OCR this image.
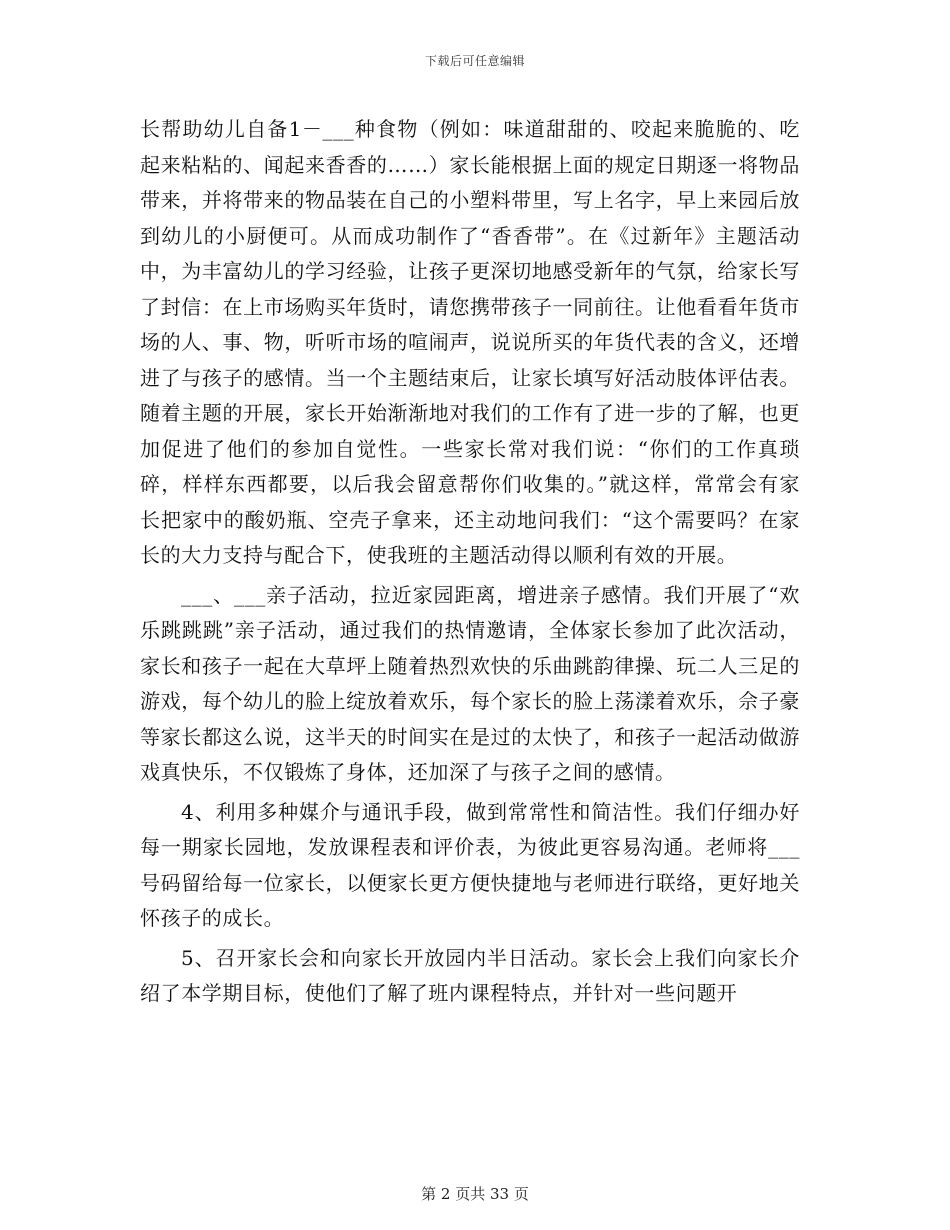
下载后可任意编辑

长帮助幼儿自备1－___种食物（例如：味道甜甜的、咬起来脆脆的、吃起来粘粘的、闻起来香香的……）家长能根据上面的规定日期逐一将物品带来，并将带来的物品装在自己的小塑料带里，写上名字，早上来园后放到幼儿的小厨便可。从而成功制作了“香香带”。在《过新年》主题活动中，为丰富幼儿的学习经验，让孩子更深切地感受新年的气氛，给家长写了封信：在上市场购买年货时，请您携带孩子一同前往。让他看看年货市场的人、事、物，听听市场的喧闹声，说说所买的年货代表的含义，还增进了与孩子的感情。当一个主题结束后，让家长填写好活动肢体评估表。随着主题的开展，家长开始渐渐地对我们的工作有了进一步的了解，也更加促进了他们的参加自觉性。一些家长常对我们说：“你们的工作真琐碎，样样东西都要，以后我会留意帮你们收集的。”就这样，常常会有家长把家中的酸奶瓶、空壳子拿来，还主动地问我们：“这个需要吗？在家长的大力支持与配合下，使我班的主题活动得以顺利有效的开展。

___、___亲子活动，拉近家园距离，增进亲子感情。我们开展了“欢乐跳跳跳”亲子活动，通过我们的热情邀请，全体家长参加了此次活动，家长和孩子一起在大草坪上随着热烈欢快的乐曲跳韵律操、玩二人三足的游戏，每个幼儿的脸上绽放着欢乐，每个家长的脸上荡漾着欢乐，佘子豪等家长都这么说，这半天的时间实在是过的太快了，和孩子一起活动做游戏真快乐，不仅锻炼了身体，还加深了与孩子之间的感情。

4、利用多种媒介与通讯手段，做到常常性和简洁性。我们仔细办好每一期家长园地，发放课程表和评价表，为彼此更容易沟通。老师将___号码留给每一位家长，以便家长更方便快捷地与老师进行联络，更好地关怀孩子的成长。

5、召开家长会和向家长开放园内半日活动。家长会上我们向家长介绍了本学期目标，使他们了解了班内课程特点，并针对一些问题开

第 2 页共 33 页
